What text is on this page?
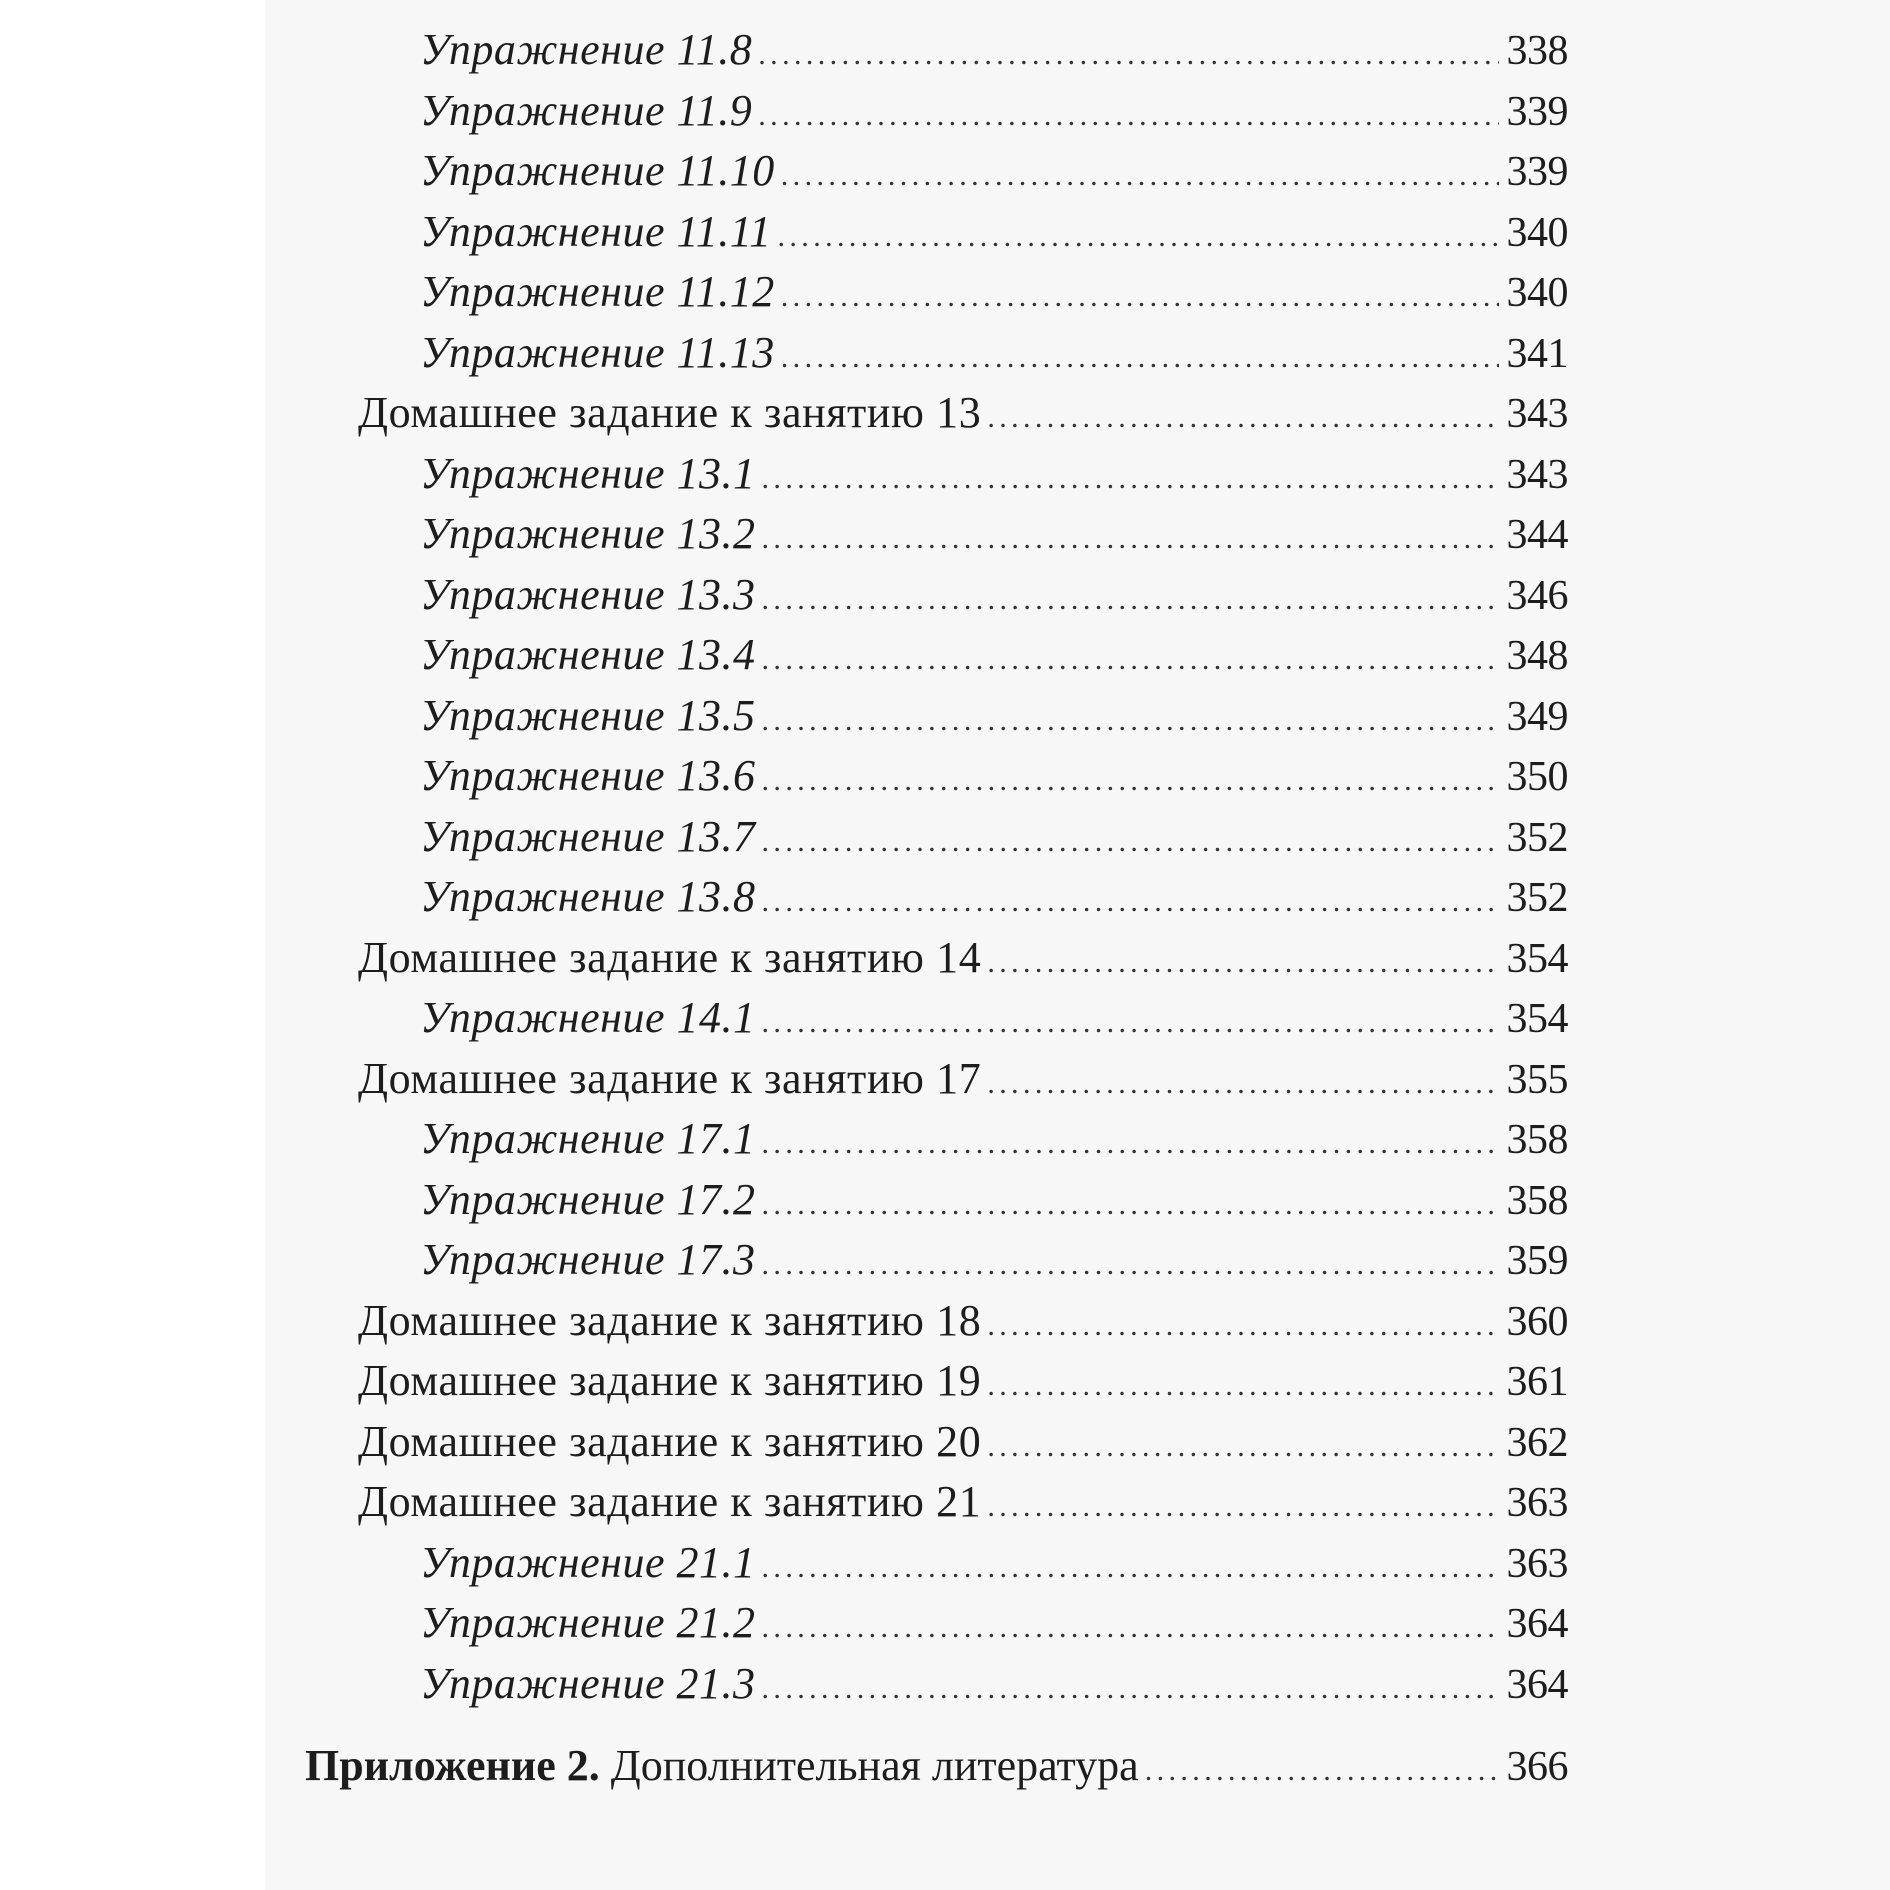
Упражнение 11.8 .....	338
Упражнение 11.9 .....	339
Упражнение 11.10 .....	339
Упражнение 11.11 .....	340
Упражнение 11.12 .....	340
Упражнение 11.13 .....	341
Домашнее задание к занятию 13 .....	343
Упражнение 13.1 .....	343
Упражнение 13.2 .....	344
Упражнение 13.3 .....	346
Упражнение 13.4 .....	348
Упражнение 13.5 .....	349
Упражнение 13.6 .....	350
Упражнение 13.7 .....	352
Упражнение 13.8 .....	352
Домашнее задание к занятию 14 .....	354
Упражнение 14.1 .....	354
Домашнее задание к занятию 17 .....	355
Упражнение 17.1 .....	358
Упражнение 17.2 .....	358
Упражнение 17.3 .....	359
Домашнее задание к занятию 18 .....	360
Домашнее задание к занятию 19 .....	361
Домашнее задание к занятию 20 .....	362
Домашнее задание к занятию 21 .....	363
Упражнение 21.1 .....	363
Упражнение 21.2 .....	364
Упражнение 21.3 .....	364
Приложение 2. Дополнительная литература .....	366
